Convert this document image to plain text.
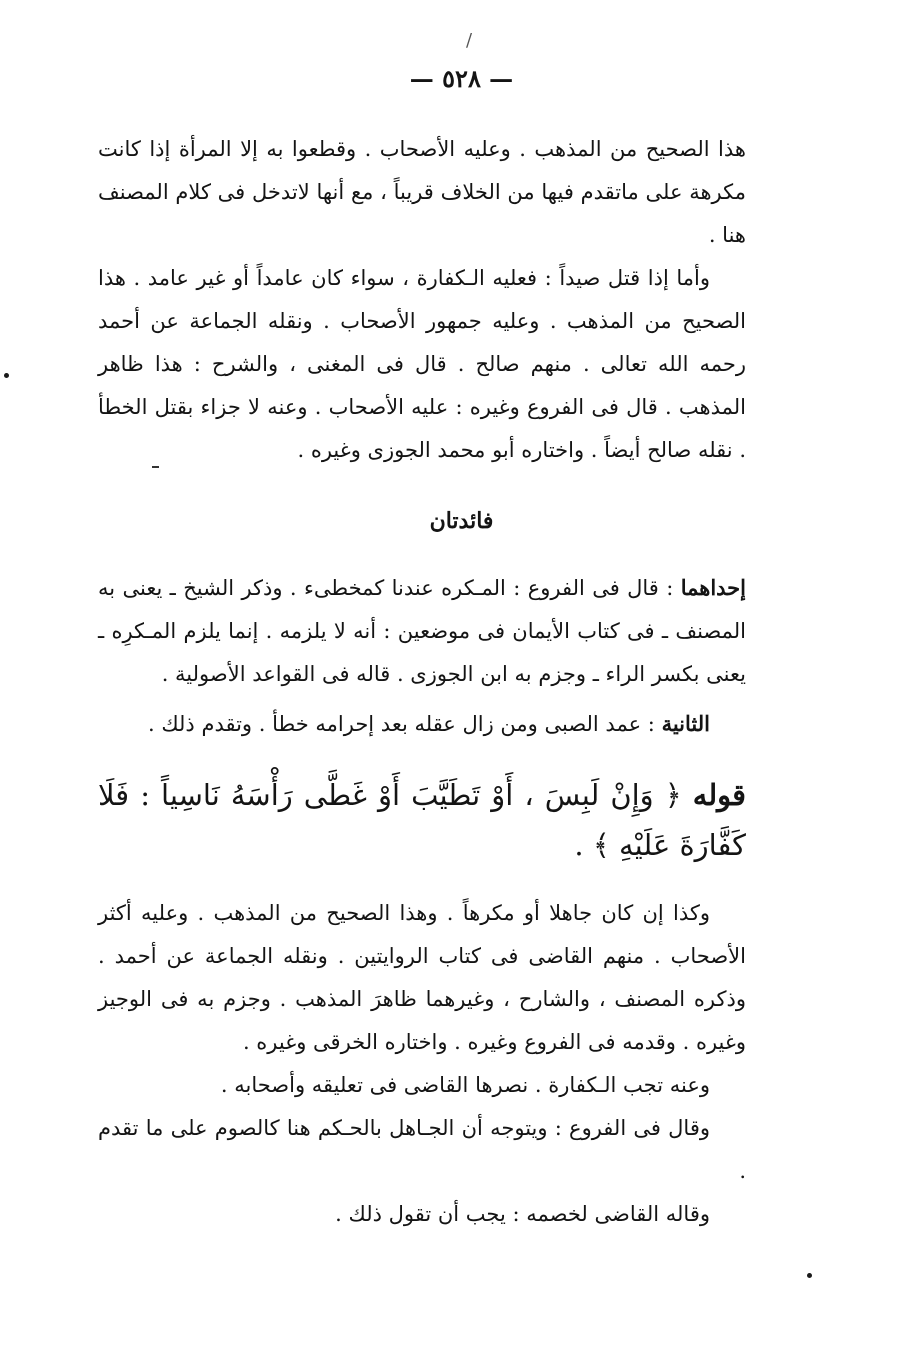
/
— ٥٢٨ —

هذا الصحيح من المذهب . وعليه الأصحاب . وقطعوا به إلا المرأة إذا كانت مكرهة على ماتقدم فيها من الخلاف قريباً ، مع أنها لاتدخل فى كلام المصنف هنا .

وأما إذا قتل صيداً : فعليه الـكفارة ، سواء كان عامداً أو غير عامد . هذا الصحيح من المذهب . وعليه جمهور الأصحاب . ونقله الجماعة عن أحمد رحمه الله تعالى . منهم صالح . قال فى المغنى ، والشرح : هذا ظاهر المذهب . قال فى الفروع وغيره : عليه الأصحاب . وعنه لا جزاء بقتل الخطأ . نقله صالح أيضاً . واختاره أبو محمد الجوزى وغيره .

فائدتان

إحداهما : قال فى الفروع : المـكره عندنا كمخطىء . وذكر الشيخ ـ يعنى به المصنف ـ فى كتاب الأيمان فى موضعين : أنه لا يلزمه . إنما يلزم المـكرِه ـ يعنى بكسر الراء ـ وجزم به ابن الجوزى . قاله فى القواعد الأصولية .

الثانية : عمد الصبى ومن زال عقله بعد إحرامه خطأ . وتقدم ذلك .

قوله ﴿ وَإِنْ لَبِسَ ، أَوْ تَطَيَّبَ أَوْ غَطَّى رَأْسَهُ نَاسِياً : فَلَا كَفَّارَةَ عَلَيْهِ ﴾ .

وكذا إن كان جاهلا أو مكرهاً . وهذا الصحيح من المذهب . وعليه أكثر الأصحاب . منهم القاضى فى كتاب الروايتين . ونقله الجماعة عن أحمد . وذكره المصنف ، والشارح ، وغيرهما ظاهرَ المذهب . وجزم به فى الوجيز وغيره . وقدمه فى الفروع وغيره . واختاره الخرقى وغيره .

وعنه تجب الـكفارة . نصرها القاضى فى تعليقه وأصحابه .

وقال فى الفروع : ويتوجه أن الجـاهل بالحـكم هنا كالصوم على ما تقدم .

وقاله القاضى لخصمه : يجب أن تقول ذلك .
